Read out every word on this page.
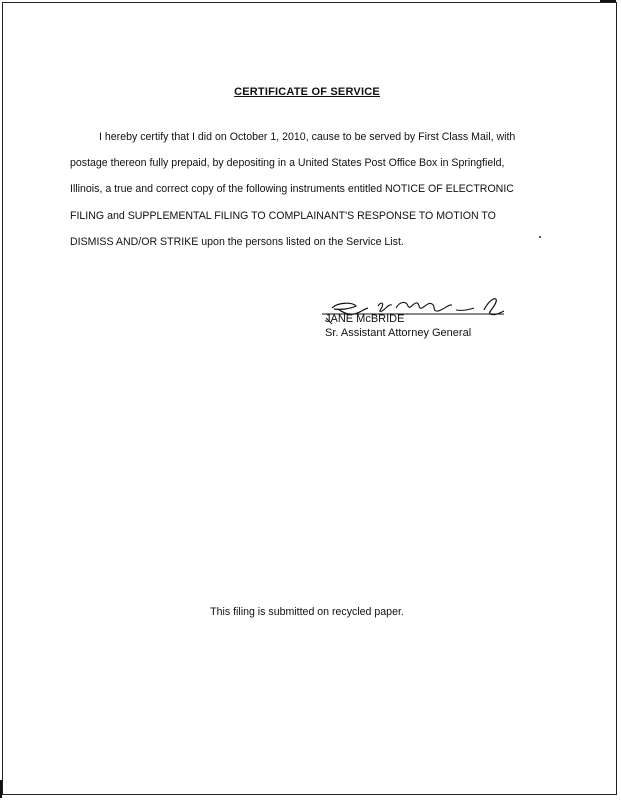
CERTIFICATE OF SERVICE
I hereby certify that I did on October 1, 2010, cause to be served by First Class Mail, with
postage thereon fully prepaid, by depositing in a United States Post Office Box in Springfield,
Illinois, a true and correct copy of the following instruments entitled NOTICE OF ELECTRONIC
FILING and SUPPLEMENTAL FILING TO COMPLAINANT'S RESPONSE TO MOTION TO
DISMISS AND/OR STRIKE upon the persons listed on the Service List.
JANE McBRIDE
Sr. Assistant Attorney General
This filing is submitted on recycled paper.
